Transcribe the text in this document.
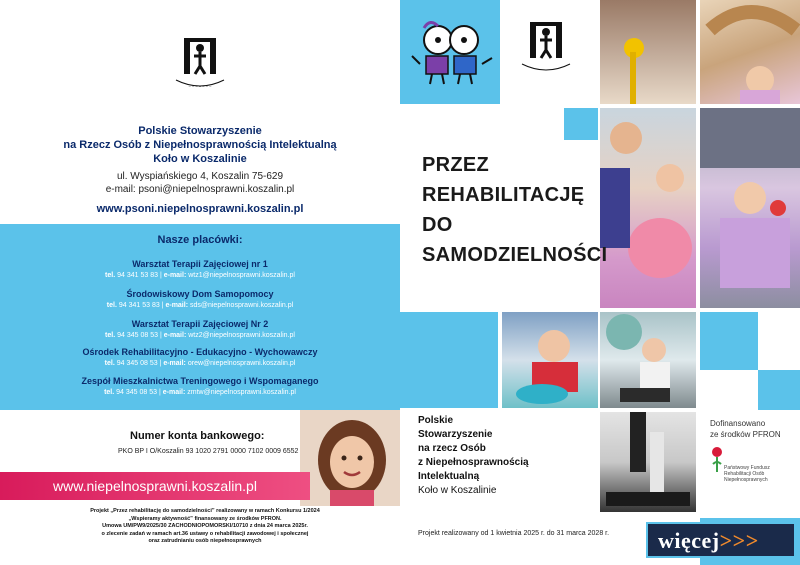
~ ~ ~ ~ ~ ~ ~
Polskie Stowarzyszenie
na Rzecz Osób z Niepełnosprawnością Intelektualną
Koło w Koszalinie
ul. Wyspiańskiego 4, Koszalin 75-629
e-mail: psoni@niepelnosprawni.koszalin.pl
www.psoni.niepelnosprawni.koszalin.pl
Nasze placówki:
Warsztat Terapii Zajęciowej nr 1
tel. 94 341 53 83 | e-mail: wtz1@niepelnosprawni.koszalin.pl
Środowiskowy Dom Samopomocy
tel. 94 341 53 83 | e-mail: sds@niepelnosprawni.koszalin.pl
Warsztat Terapii Zajęciowej Nr 2
tel. 94 345 08 53 | e-mail: wtz2@niepelnosprawni.koszalin.pl
Ośrodek Rehabilitacyjno - Edukacyjno - Wychowawczy
tel. 94 345 08 53 | e-mail: orew@niepelnosprawni.koszalin.pl
Zespół Mieszkalnictwa Treningowego i Wspomaganego
tel. 94 345 08 53 | e-mail: zmtw@niepelnosprawni.koszalin.pl
Numer konta bankowego:
PKO BP I O/Koszalin 93 1020 2791 0000 7102 0009 6552
www.niepelnosprawni.koszalin.pl
Projekt „Przez rehabilitację do samodzielności” realizowany w ramach Konkursu 1/2024
„Wspieramy aktywność” finansowany ze środków PFRON.
Umowa UM/PW9/2025/30 ZACHODNIOPOMORSKI/10710 z dnia 24 marca 2025r.
o zlecenie zadań w ramach art.36 ustawy o rehabilitacji zawodowej i społecznej
oraz zatrudnianiu osób niepełnosprawnych
PRZEZ
REHABILITACJĘ
DO
SAMODZIELNOŚCI
Polskie
Stowarzyszenie
na rzecz Osób
z Niepełnosprawnością
Intelektualną
Koło w Koszalinie
Projekt realizowany od 1 kwietnia 2025 r. do 31 marca 2028 r.
Dofinansowano
ze środków PFRON
Państwowy Fundusz
Rehabilitacji Osób
Niepełnosprawnych
więcej>>>
